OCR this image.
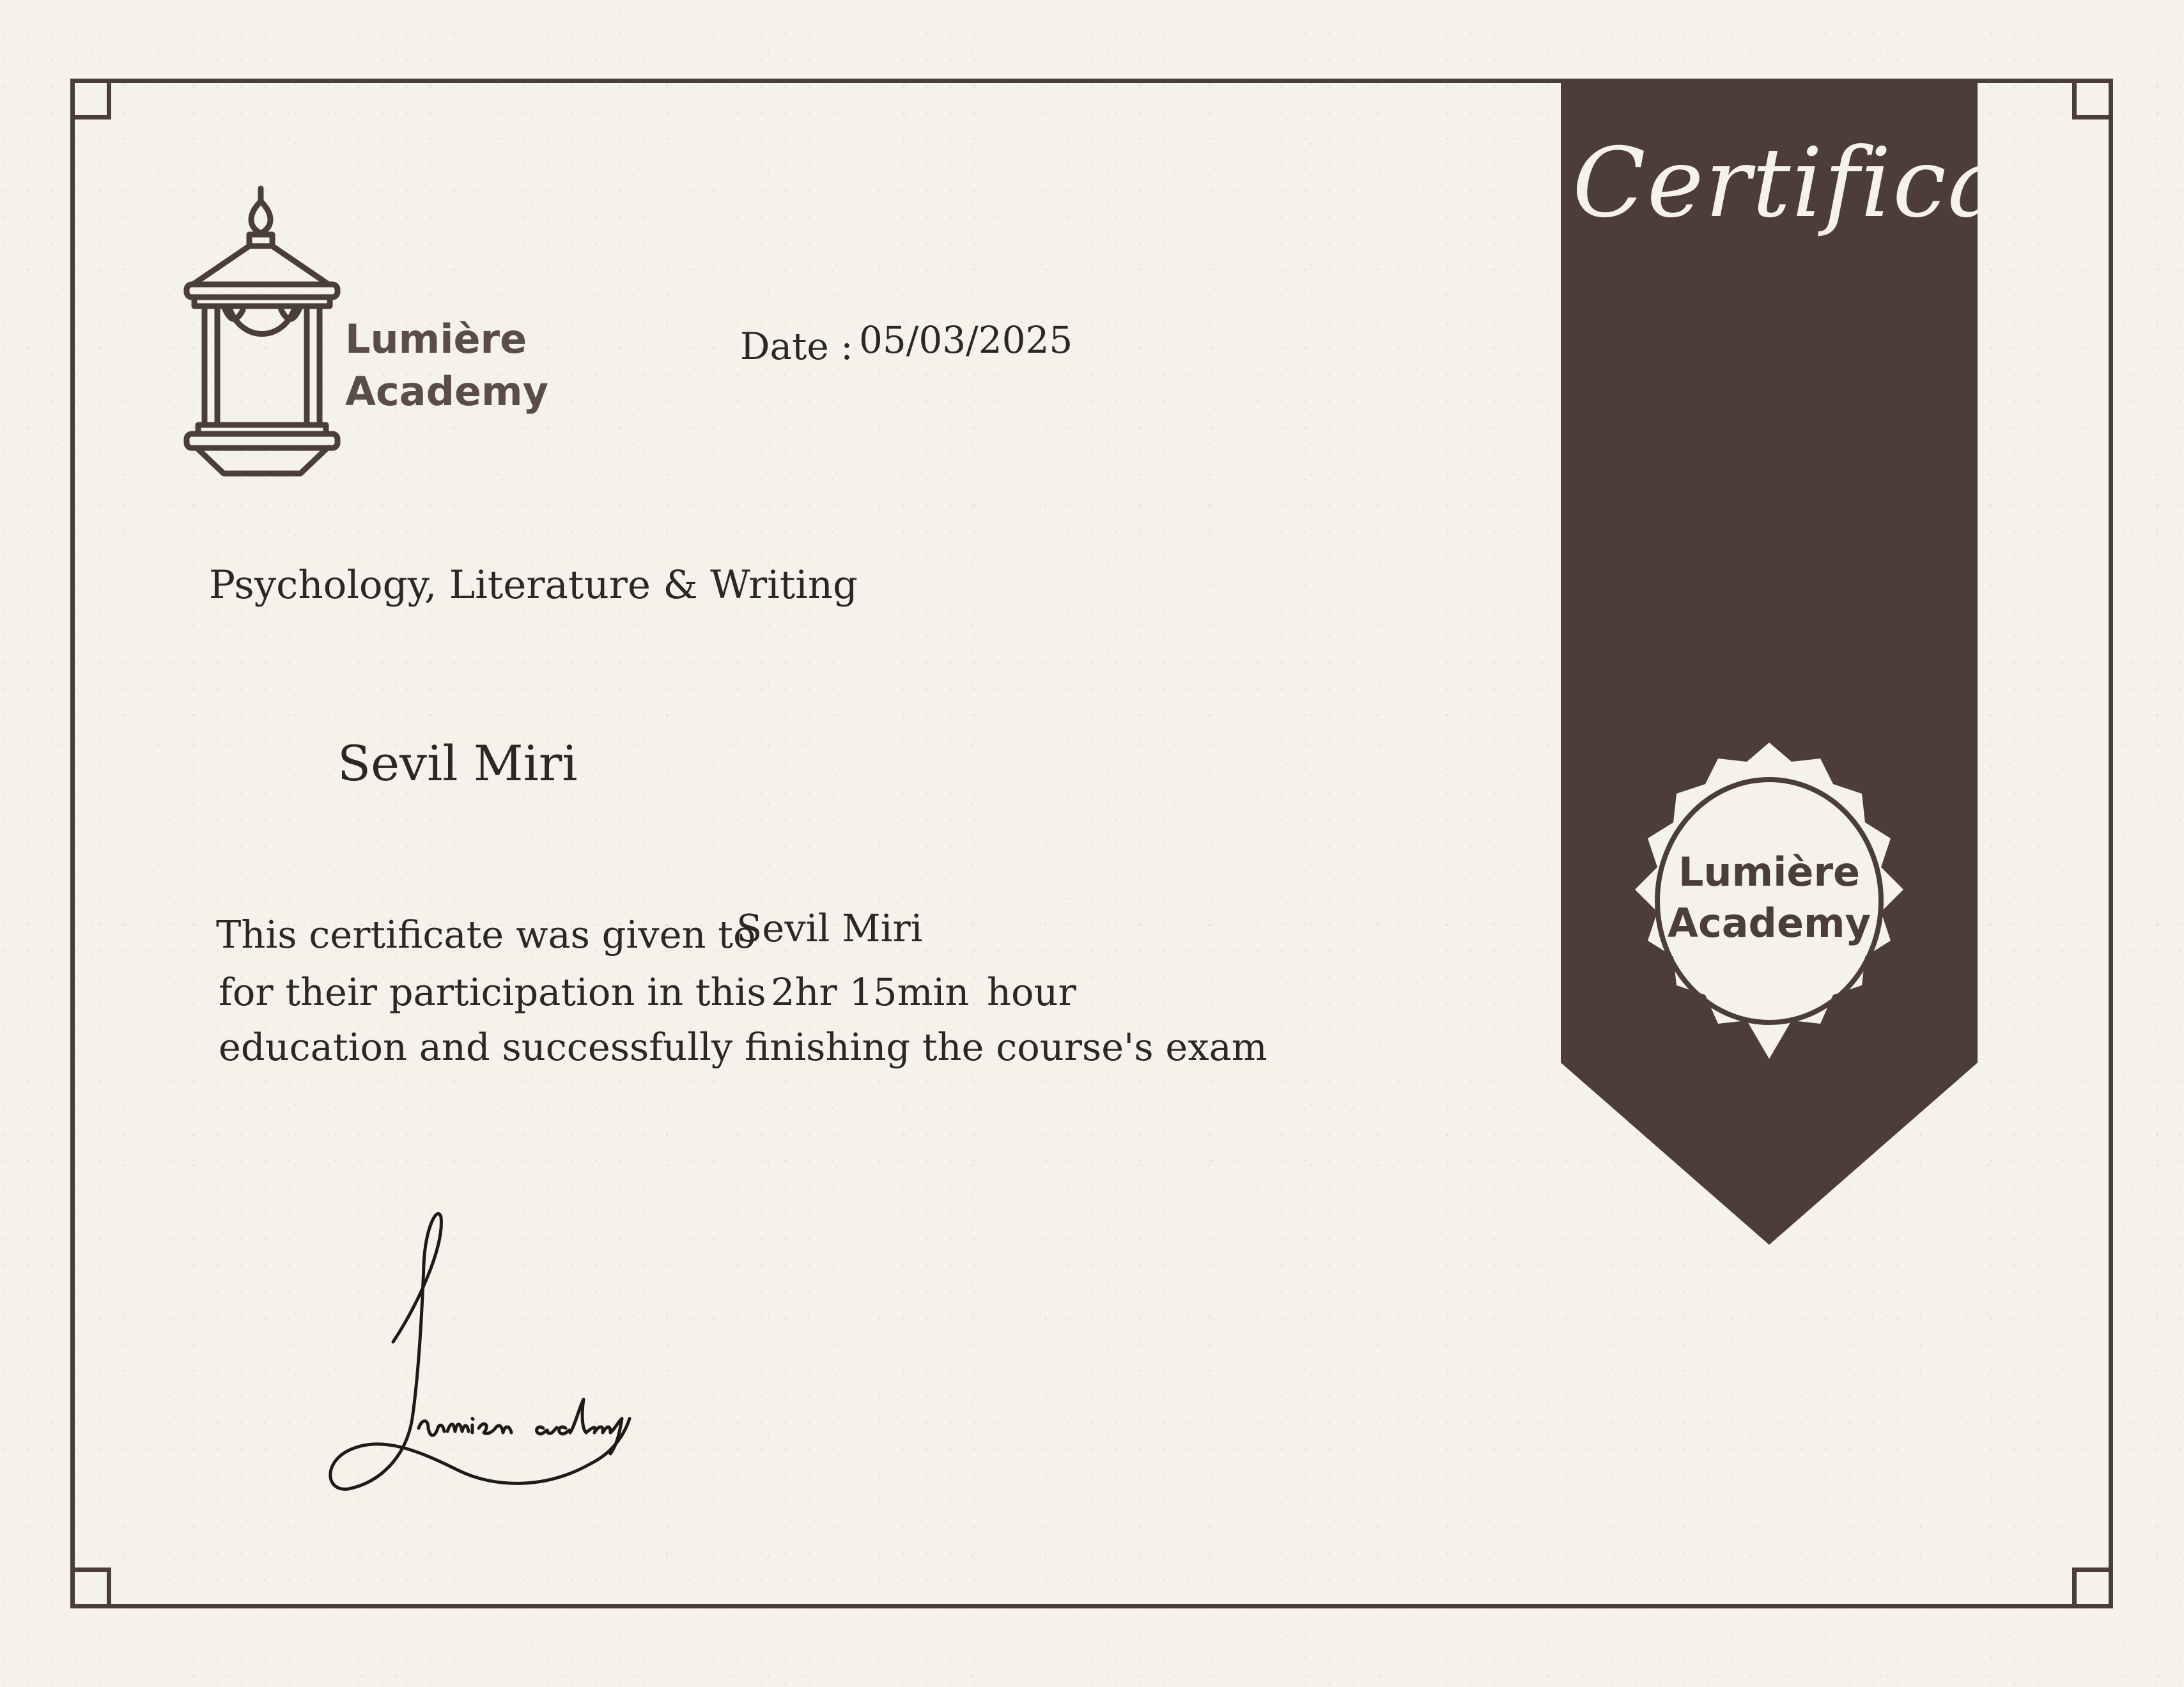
Lumière
Academy
Date : 05/03/2025
Psychology, Literature & Writing
Sevil Miri
This certificate was given to
Sevil Miri
for their participation in this 2hr 15min hour
education and successfully finishing the course's exam
Certificate
Lumière
Academy
